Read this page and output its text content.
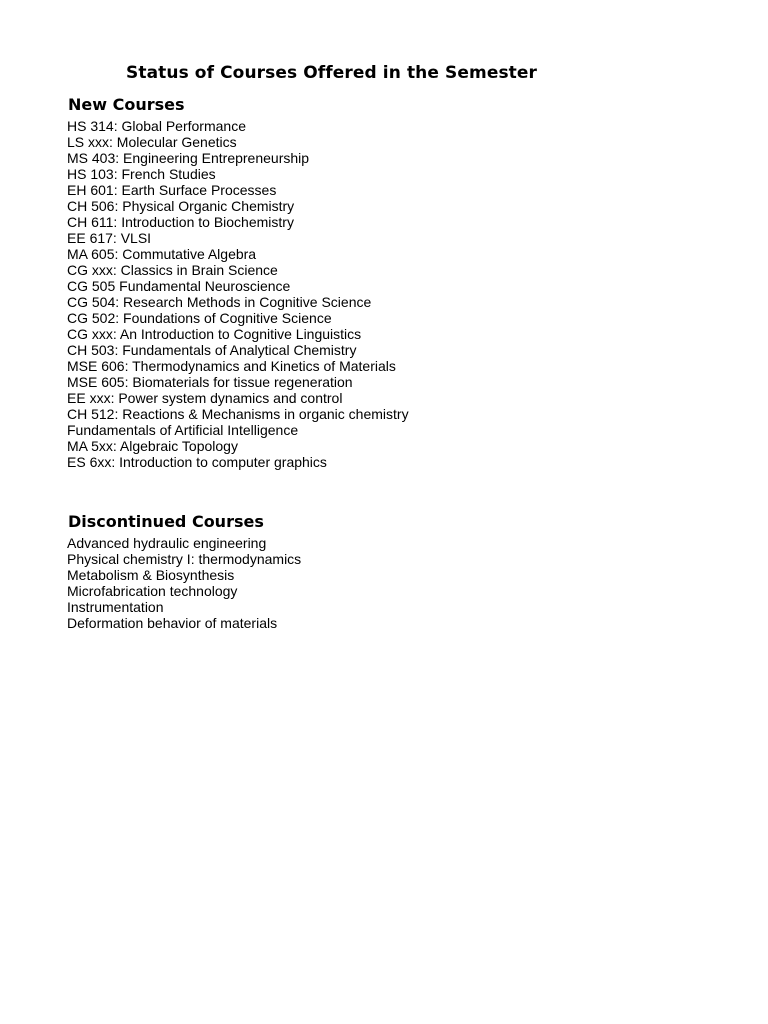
Status of Courses Offered in the Semester
New Courses
HS 314: Global Performance
LS xxx: Molecular Genetics
MS 403: Engineering Entrepreneurship
HS 103: French Studies
EH 601: Earth Surface Processes
CH 506: Physical Organic Chemistry
CH 611: Introduction to Biochemistry
EE 617: VLSI
MA 605: Commutative Algebra
CG xxx: Classics in Brain Science
CG 505 Fundamental Neuroscience
CG 504: Research Methods in Cognitive Science
CG 502: Foundations of Cognitive Science
CG xxx: An Introduction to Cognitive Linguistics
CH 503: Fundamentals of Analytical Chemistry
MSE 606: Thermodynamics and Kinetics of Materials
MSE 605: Biomaterials for tissue regeneration
EE xxx: Power system dynamics and control
CH 512: Reactions & Mechanisms in organic chemistry
Fundamentals of Artificial Intelligence
MA 5xx: Algebraic Topology
ES 6xx: Introduction to computer graphics
Discontinued Courses
Advanced hydraulic engineering
Physical chemistry I: thermodynamics
Metabolism & Biosynthesis
Microfabrication technology
Instrumentation
Deformation behavior of materials
